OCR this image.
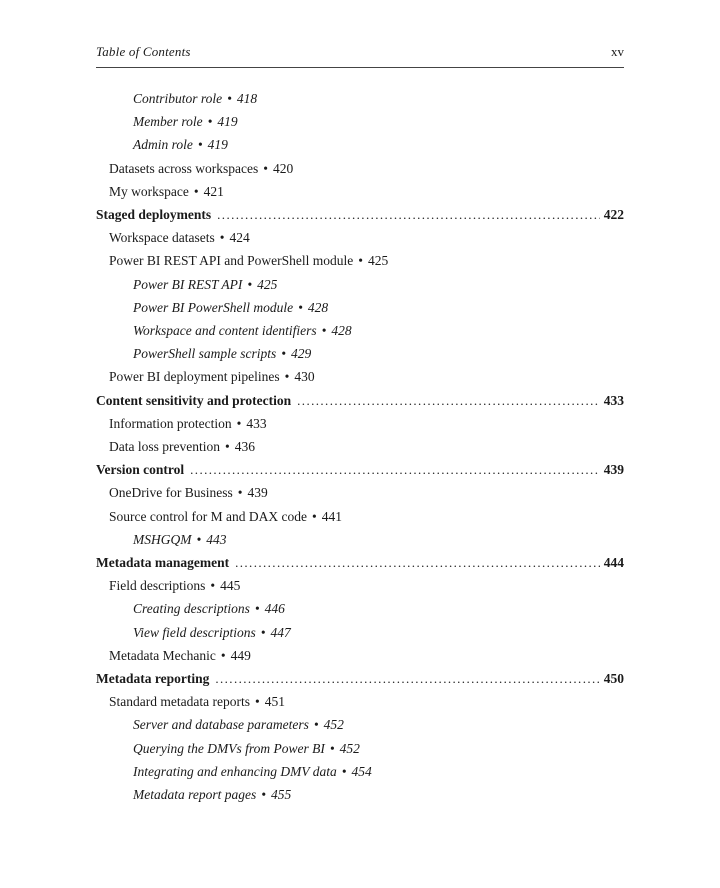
Table of Contents	xv
Contributor role • 418
Member role • 419
Admin role • 419
Datasets across workspaces • 420
My workspace • 421
Staged deployments .....	422
Workspace datasets • 424
Power BI REST API and PowerShell module • 425
Power BI REST API • 425
Power BI PowerShell module • 428
Workspace and content identifiers • 428
PowerShell sample scripts • 429
Power BI deployment pipelines • 430
Content sensitivity and protection .....	433
Information protection • 433
Data loss prevention • 436
Version control .....	439
OneDrive for Business • 439
Source control for M and DAX code • 441
MSHGQM • 443
Metadata management .....	444
Field descriptions • 445
Creating descriptions • 446
View field descriptions • 447
Metadata Mechanic • 449
Metadata reporting .....	450
Standard metadata reports • 451
Server and database parameters • 452
Querying the DMVs from Power BI • 452
Integrating and enhancing DMV data • 454
Metadata report pages • 455
